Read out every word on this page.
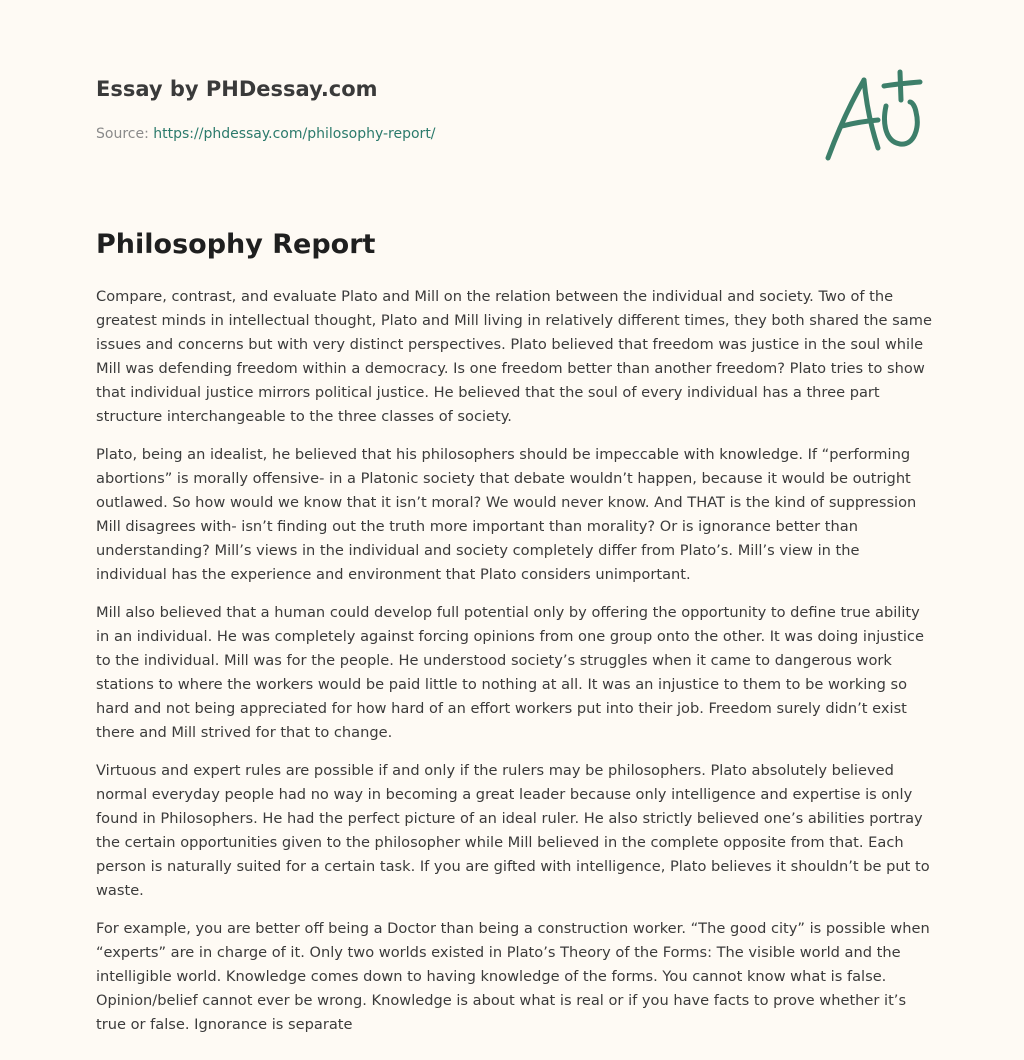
Essay by PHDessay.com
Source: https://phdessay.com/philosophy-report/
Philosophy Report

Compare, contrast, and evaluate Plato and Mill on the relation between the individual and society. Two of the greatest minds in intellectual thought, Plato and Mill living in relatively different times, they both shared the same issues and concerns but with very distinct perspectives. Plato believed that freedom was justice in the soul while Mill was defending freedom within a democracy. Is one freedom better than another freedom? Plato tries to show that individual justice mirrors political justice. He believed that the soul of every individual has a three part structure interchangeable to the three classes of society.

Plato, being an idealist, he believed that his philosophers should be impeccable with knowledge. If “performing abortions” is morally offensive- in a Platonic society that debate wouldn’t happen, because it would be outright outlawed. So how would we know that it isn’t moral? We would never know. And THAT is the kind of suppression Mill disagrees with- isn’t finding out the truth more important than morality? Or is ignorance better than understanding? Mill’s views in the individual and society completely differ from Plato’s. Mill’s view in the individual has the experience and environment that Plato considers unimportant.

Mill also believed that a human could develop full potential only by offering the opportunity to define true ability in an individual. He was completely against forcing opinions from one group onto the other. It was doing injustice to the individual. Mill was for the people. He understood society’s struggles when it came to dangerous work stations to where the workers would be paid little to nothing at all. It was an injustice to them to be working so hard and not being appreciated for how hard of an effort workers put into their job. Freedom surely didn’t exist there and Mill strived for that to change.

Virtuous and expert rules are possible if and only if the rulers may be philosophers. Plato absolutely believed normal everyday people had no way in becoming a great leader because only intelligence and expertise is only found in Philosophers. He had the perfect picture of an ideal ruler. He also strictly believed one’s abilities portray the certain opportunities given to the philosopher while Mill believed in the complete opposite from that. Each person is naturally suited for a certain task. If you are gifted with intelligence, Plato believes it shouldn’t be put to waste.

For example, you are better off being a Doctor than being a construction worker. “The good city” is possible when “experts” are in charge of it. Only two worlds existed in Plato’s Theory of the Forms: The visible world and the intelligible world. Knowledge comes down to having knowledge of the forms. You cannot know what is false. Opinion/belief cannot ever be wrong. Knowledge is about what is real or if you have facts to prove whether it’s true or false. Ignorance is separate
